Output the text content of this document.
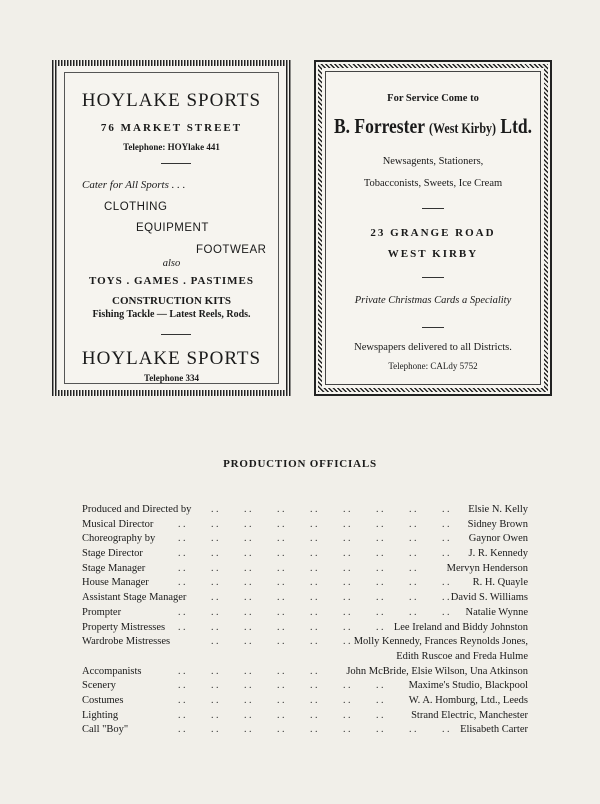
HOYLAKE SPORTS
76 MARKET STREET
Telephone: HOYlake 441
Cater for All Sports . . .
CLOTHING
EQUIPMENT
FOOTWEAR
also
TOYS . GAMES . PASTIMES
CONSTRUCTION KITS
Fishing Tackle — Latest Reels, Rods.
HOYLAKE SPORTS
Telephone 334
For Service Come to
B. Forrester (West Kirby) Ltd.
Newsagents, Stationers,
Tobacconists, Sweets, Ice Cream
23 GRANGE ROAD
WEST KIRBY
Private Christmas Cards a Speciality
Newspapers delivered to all Districts.
Telephone: CALdy 5752
PRODUCTION OFFICIALS
. .	. .	. .	. .	. .	. .	. .	. .
Produced and Directed by	Elsie N. Kelly
. .	. .	. .	. .	. .	. .	. .	. .	. .
Musical Director	Sidney Brown
. .	. .	. .	. .	. .	. .	. .	. .	. .
Choreography by	Gaynor Owen
. .	. .	. .	. .	. .	. .	. .	. .	. .
Stage Director	J. R. Kennedy
. .	. .	. .	. .	. .	. .	. .	. .
Stage Manager	Mervyn Henderson
. .	. .	. .	. .	. .	. .	. .	. .	. .
House Manager	R. H. Quayle
. .	. .	. .	. .	. .	. .	. .	. .
Assistant Stage Manager	David S. Williams
. .	. .	. .	. .	. .	. .	. .	. .	. .
Prompter	Natalie Wynne
. .	. .	. .	. .	. .	. .	. .
Property Mistresses	Lee Ireland and Biddy Johnston
. .	. .	. .	. .	. .
Wardrobe Mistresses	Molly Kennedy, Frances Reynolds Jones,
Edith Ruscoe and Freda Hulme
. .	. .	. .	. .	. .
Accompanists	John McBride, Elsie Wilson, Una Atkinson
. .	. .	. .	. .	. .	. .	. .
Scenery	Maxime's Studio, Blackpool
. .	. .	. .	. .	. .	. .	. .
Costumes	W. A. Homburg, Ltd., Leeds
. .	. .	. .	. .	. .	. .	. .
Lighting	Strand Electric, Manchester
. .	. .	. .	. .	. .	. .	. .	. .	. .
Call "Boy"	Elisabeth Carter
